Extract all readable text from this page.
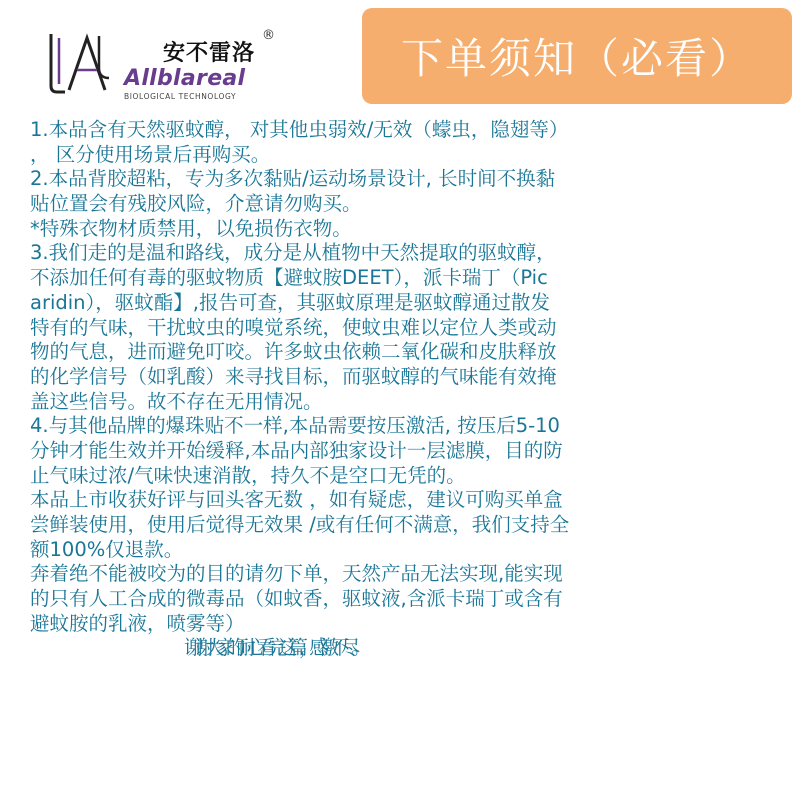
安不雷洛
®
Allblareal
BIOLOGICAL TECHNOLOGY
下单须知（必看）
1.本品含有天然驱蚊醇， 对其他虫弱效/无效（蠓虫，隐翅等）
， 区分使用场景后再购买。
2.本品背胶超粘，专为多次黏贴/运动场景设计, 长时间不换黏
贴位置会有残胶风险，介意请勿购买。
*特殊衣物材质禁用，以免损伤衣物。
3.我们走的是温和路线，成分是从植物中天然提取的驱蚊醇，
不添加任何有毒的驱蚊物质【避蚊胺DEET），派卡瑞丁（Pic
aridin），驱蚊酯】,报告可查，其驱蚊原理是驱蚊醇通过散发
特有的气味，干扰蚊虫的嗅觉系统，使蚊虫难以定位人类或动
物的气息，进而避免叮咬。许多蚊虫依赖二氧化碳和皮肤释放
的化学信号（如乳酸）来寻找目标，而驱蚊醇的气味能有效掩
盖这些信号。故不存在无用情况。
4.与其他品牌的爆珠贴不一样,本品需要按压激活, 按压后5-10
分钟才能生效并开始缓释,本品内部独家设计一层滤膜，目的防
止气味过浓/气味快速消散，持久不是空口无凭的。
本品上市收获好评与回头客无数 ，如有疑虑，建议可购买单盒
尝鲜装使用，使用后觉得无效果 /或有任何不满意，我们支持全
额100%仅退款。
奔着绝不能被咬为的目的请勿下单，天然产品无法实现,能实现
的只有人工合成的微毒品（如蚊香，驱蚊液,含派卡瑞丁或含有
避蚊胺的乳液，喷雾等）
谢谢大家的耐心看完这篇，感激不尽。
